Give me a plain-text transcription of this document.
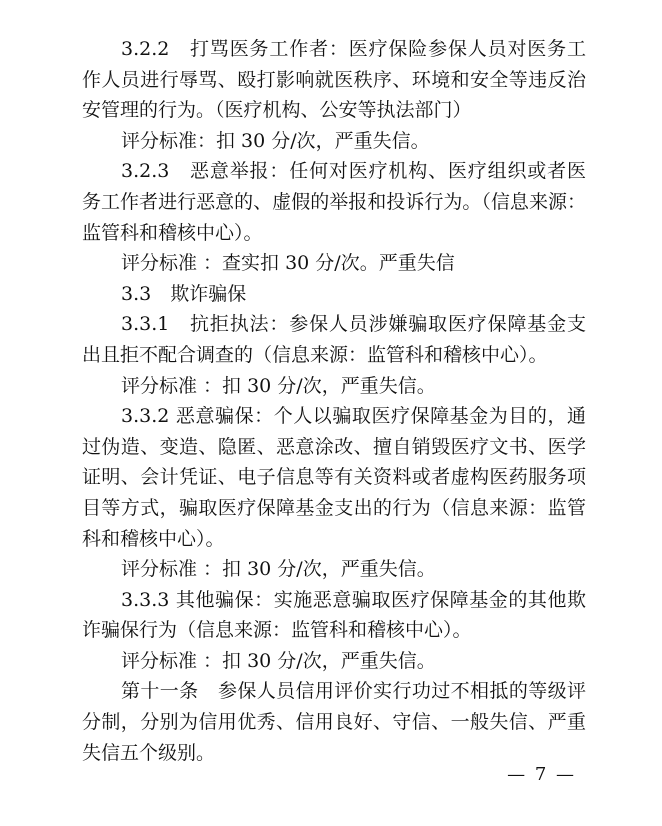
3.2.2　打骂医务工作者：医疗保险参保人员对医务工作人员进行辱骂、殴打影响就医秩序、环境和安全等违反治安管理的行为。（医疗机构、公安等执法部门）

评分标准：扣 30 分/次，严重失信。

3.2.3　恶意举报：任何对医疗机构、医疗组织或者医务工作者进行恶意的、虚假的举报和投诉行为。（信息来源：监管科和稽核中心）。

评分标准 ：查实扣 30 分/次。严重失信

3.3　欺诈骗保

3.3.1　抗拒执法：参保人员涉嫌骗取医疗保障基金支出且拒不配合调查的（信息来源：监管科和稽核中心）。

评分标准 ：扣 30 分/次，严重失信。

3.3.2 恶意骗保：个人以骗取医疗保障基金为目的，通过伪造、变造、隐匿、恶意涂改、擅自销毁医疗文书、医学证明、会计凭证、电子信息等有关资料或者虚构医药服务项目等方式，骗取医疗保障基金支出的行为（信息来源：监管科和稽核中心）。

评分标准 ：扣 30 分/次，严重失信。

3.3.3 其他骗保：实施恶意骗取医疗保障基金的其他欺诈骗保行为（信息来源：监管科和稽核中心）。

评分标准 ：扣 30 分/次，严重失信。

第十一条　参保人员信用评价实行功过不相抵的等级评分制，分别为信用优秀、信用良好、守信、一般失信、严重失信五个级别。

— 7 —
